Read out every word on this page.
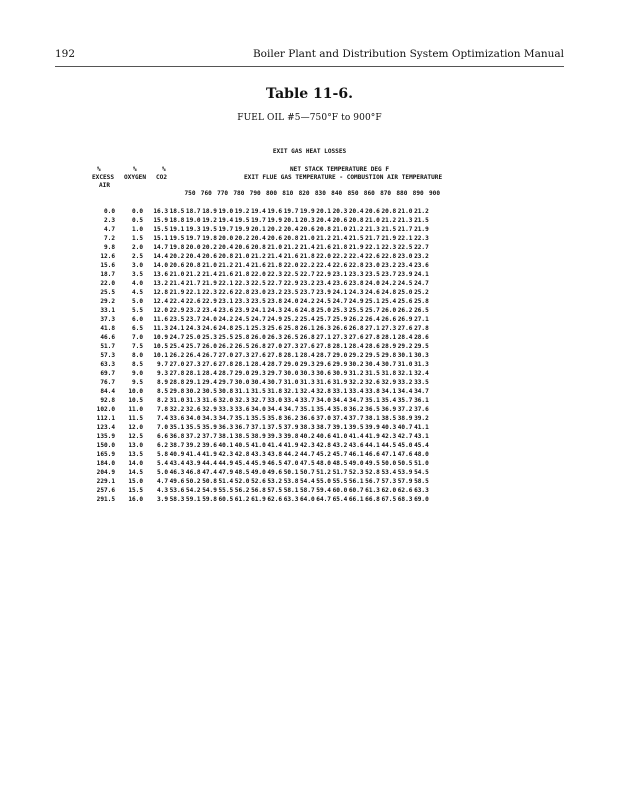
192	Boiler Plant and Distribution System Optimization Manual
Table 11-6.
FUEL OIL #5—750°F to 900°F
EXIT GAS HEAT LOSSES
%
EXCESS
AIR
%
OXYGEN
%
CO2
NET STACK TEMPERATURE DEG F
EXIT FLUE GAS TEMPERATURE - COMBUSTION AIR TEMPERATURE
750 760 770 780 790 800 810 820 830 840 850 860 870 880 890 900
0.0	0.0	16.3	18.5	18.7	18.9	19.0	19.2	19.4	19.6	19.7	19.9	20.1	20.3	20.4	20.6	20.8	21.0	21.2
2.3	0.5	15.9	18.8	19.0	19.2	19.4	19.5	19.7	19.9	20.1	20.3	20.4	20.6	20.8	21.0	21.2	21.3	21.5
4.7	1.0	15.5	19.1	19.3	19.5	19.7	19.9	20.1	20.2	20.4	20.6	20.8	21.0	21.2	21.3	21.5	21.7	21.9
7.2	1.5	15.1	19.5	19.7	19.8	20.0	20.2	20.4	20.6	20.8	21.0	21.2	21.4	21.5	21.7	21.9	22.1	22.3
9.8	2.0	14.7	19.8	20.0	20.2	20.4	20.6	20.8	21.0	21.2	21.4	21.6	21.8	21.9	22.1	22.3	22.5	22.7
12.6	2.5	14.4	20.2	20.4	20.6	20.8	21.0	21.2	21.4	21.6	21.8	22.0	22.2	22.4	22.6	22.8	23.0	23.2
15.6	3.0	14.0	20.6	20.8	21.0	21.2	21.4	21.6	21.8	22.0	22.2	22.4	22.6	22.8	23.0	23.2	23.4	23.6
18.7	3.5	13.6	21.0	21.2	21.4	21.6	21.8	22.0	22.3	22.5	22.7	22.9	23.1	23.3	23.5	23.7	23.9	24.1
22.0	4.0	13.2	21.4	21.7	21.9	22.1	22.3	22.5	22.7	22.9	23.2	23.4	23.6	23.8	24.0	24.2	24.5	24.7
25.5	4.5	12.8	21.9	22.1	22.3	22.6	22.8	23.0	23.2	23.5	23.7	23.9	24.1	24.3	24.6	24.8	25.0	25.2
29.2	5.0	12.4	22.4	22.6	22.9	23.1	23.3	23.5	23.8	24.0	24.2	24.5	24.7	24.9	25.1	25.4	25.6	25.8
33.1	5.5	12.0	22.9	23.2	23.4	23.6	23.9	24.1	24.3	24.6	24.8	25.0	25.3	25.5	25.7	26.0	26.2	26.5
37.3	6.0	11.6	23.5	23.7	24.0	24.2	24.5	24.7	24.9	25.2	25.4	25.7	25.9	26.2	26.4	26.6	26.9	27.1
41.8	6.5	11.3	24.1	24.3	24.6	24.8	25.1	25.3	25.6	25.8	26.1	26.3	26.6	26.8	27.1	27.3	27.6	27.8
46.6	7.0	10.9	24.7	25.0	25.3	25.5	25.8	26.0	26.3	26.5	26.8	27.1	27.3	27.6	27.8	28.1	28.4	28.6
51.7	7.5	10.5	25.4	25.7	26.0	26.2	26.5	26.8	27.0	27.3	27.6	27.8	28.1	28.4	28.6	28.9	29.2	29.5
57.3	8.0	10.1	26.2	26.4	26.7	27.0	27.3	27.6	27.8	28.1	28.4	28.7	29.0	29.2	29.5	29.8	30.1	30.3
63.3	8.5	9.7	27.0	27.3	27.6	27.8	28.1	28.4	28.7	29.0	29.3	29.6	29.9	30.2	30.4	30.7	31.0	31.3
69.7	9.0	9.3	27.8	28.1	28.4	28.7	29.0	29.3	29.7	30.0	30.3	30.6	30.9	31.2	31.5	31.8	32.1	32.4
76.7	9.5	8.9	28.8	29.1	29.4	29.7	30.0	30.4	30.7	31.0	31.3	31.6	31.9	32.2	32.6	32.9	33.2	33.5
84.4	10.0	8.5	29.8	30.2	30.5	30.8	31.1	31.5	31.8	32.1	32.4	32.8	33.1	33.4	33.8	34.1	34.4	34.7
92.8	10.5	8.2	31.0	31.3	31.6	32.0	32.3	32.7	33.0	33.4	33.7	34.0	34.4	34.7	35.1	35.4	35.7	36.1
102.0	11.0	7.8	32.2	32.6	32.9	33.3	33.6	34.0	34.4	34.7	35.1	35.4	35.8	36.2	36.5	36.9	37.2	37.6
112.1	11.5	7.4	33.6	34.0	34.3	34.7	35.1	35.5	35.8	36.2	36.6	37.0	37.4	37.7	38.1	38.5	38.9	39.2
123.4	12.0	7.0	35.1	35.5	35.9	36.3	36.7	37.1	37.5	37.9	38.3	38.7	39.1	39.5	39.9	40.3	40.7	41.1
135.9	12.5	6.6	36.8	37.2	37.7	38.1	38.5	38.9	39.3	39.8	40.2	40.6	41.0	41.4	41.9	42.3	42.7	43.1
150.0	13.0	6.2	38.7	39.2	39.6	40.1	40.5	41.0	41.4	41.9	42.3	42.8	43.2	43.6	44.1	44.5	45.0	45.4
165.9	13.5	5.8	40.9	41.4	41.9	42.3	42.8	43.3	43.8	44.2	44.7	45.2	45.7	46.1	46.6	47.1	47.6	48.0
184.0	14.0	5.4	43.4	43.9	44.4	44.9	45.4	45.9	46.5	47.0	47.5	48.0	48.5	49.0	49.5	50.0	50.5	51.0
204.9	14.5	5.0	46.3	46.8	47.4	47.9	48.5	49.0	49.6	50.1	50.7	51.2	51.7	52.3	52.8	53.4	53.9	54.5
229.1	15.0	4.7	49.6	50.2	50.8	51.4	52.0	52.6	53.2	53.8	54.4	55.0	55.5	56.1	56.7	57.3	57.9	58.5
257.6	15.5	4.3	53.6	54.2	54.9	55.5	56.2	56.8	57.5	58.1	58.7	59.4	60.0	60.7	61.3	62.0	62.6	63.3
291.5	16.0	3.9	58.3	59.1	59.8	60.5	61.2	61.9	62.6	63.3	64.0	64.7	65.4	66.1	66.8	67.5	68.3	69.0
